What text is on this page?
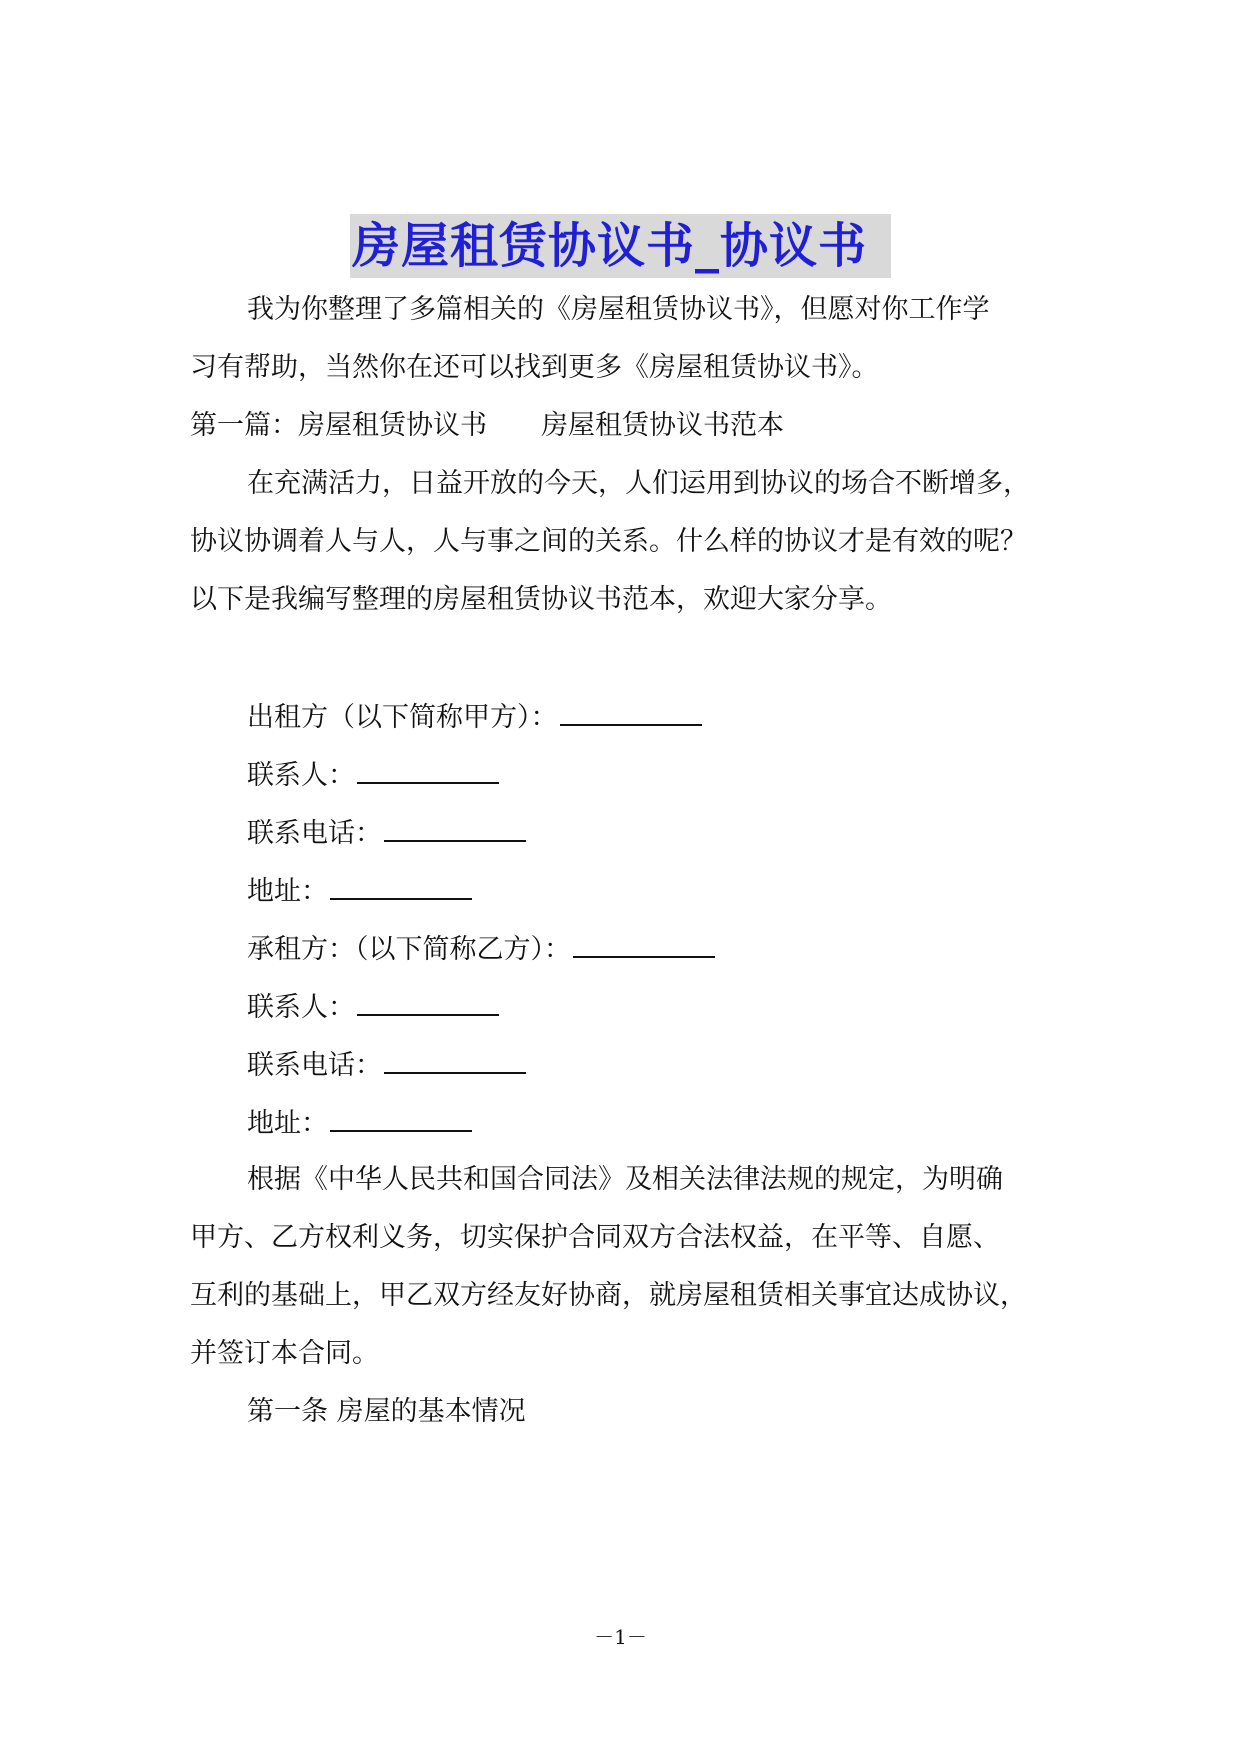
房屋租赁协议书_协议书
我为你整理了多篇相关的《房屋租赁协议书》，但愿对你工作学
习有帮助，当然你在还可以找到更多《房屋租赁协议书》。
第一篇：房屋租赁协议书　　房屋租赁协议书范本
在充满活力，日益开放的今天，人们运用到协议的场合不断增多，
协议协调着人与人，人与事之间的关系。什么样的协议才是有效的呢？
以下是我编写整理的房屋租赁协议书范本，欢迎大家分享。
出租方（以下简称甲方）：
联系人：
联系电话：
地址：
承租方：（以下简称乙方）：
联系人：
联系电话：
地址：
根据《中华人民共和国合同法》及相关法律法规的规定，为明确
甲方、乙方权利义务，切实保护合同双方合法权益，在平等、自愿、
互利的基础上，甲乙双方经友好协商，就房屋租赁相关事宜达成协议，
并签订本合同。
第一条 房屋的基本情况
－1－
